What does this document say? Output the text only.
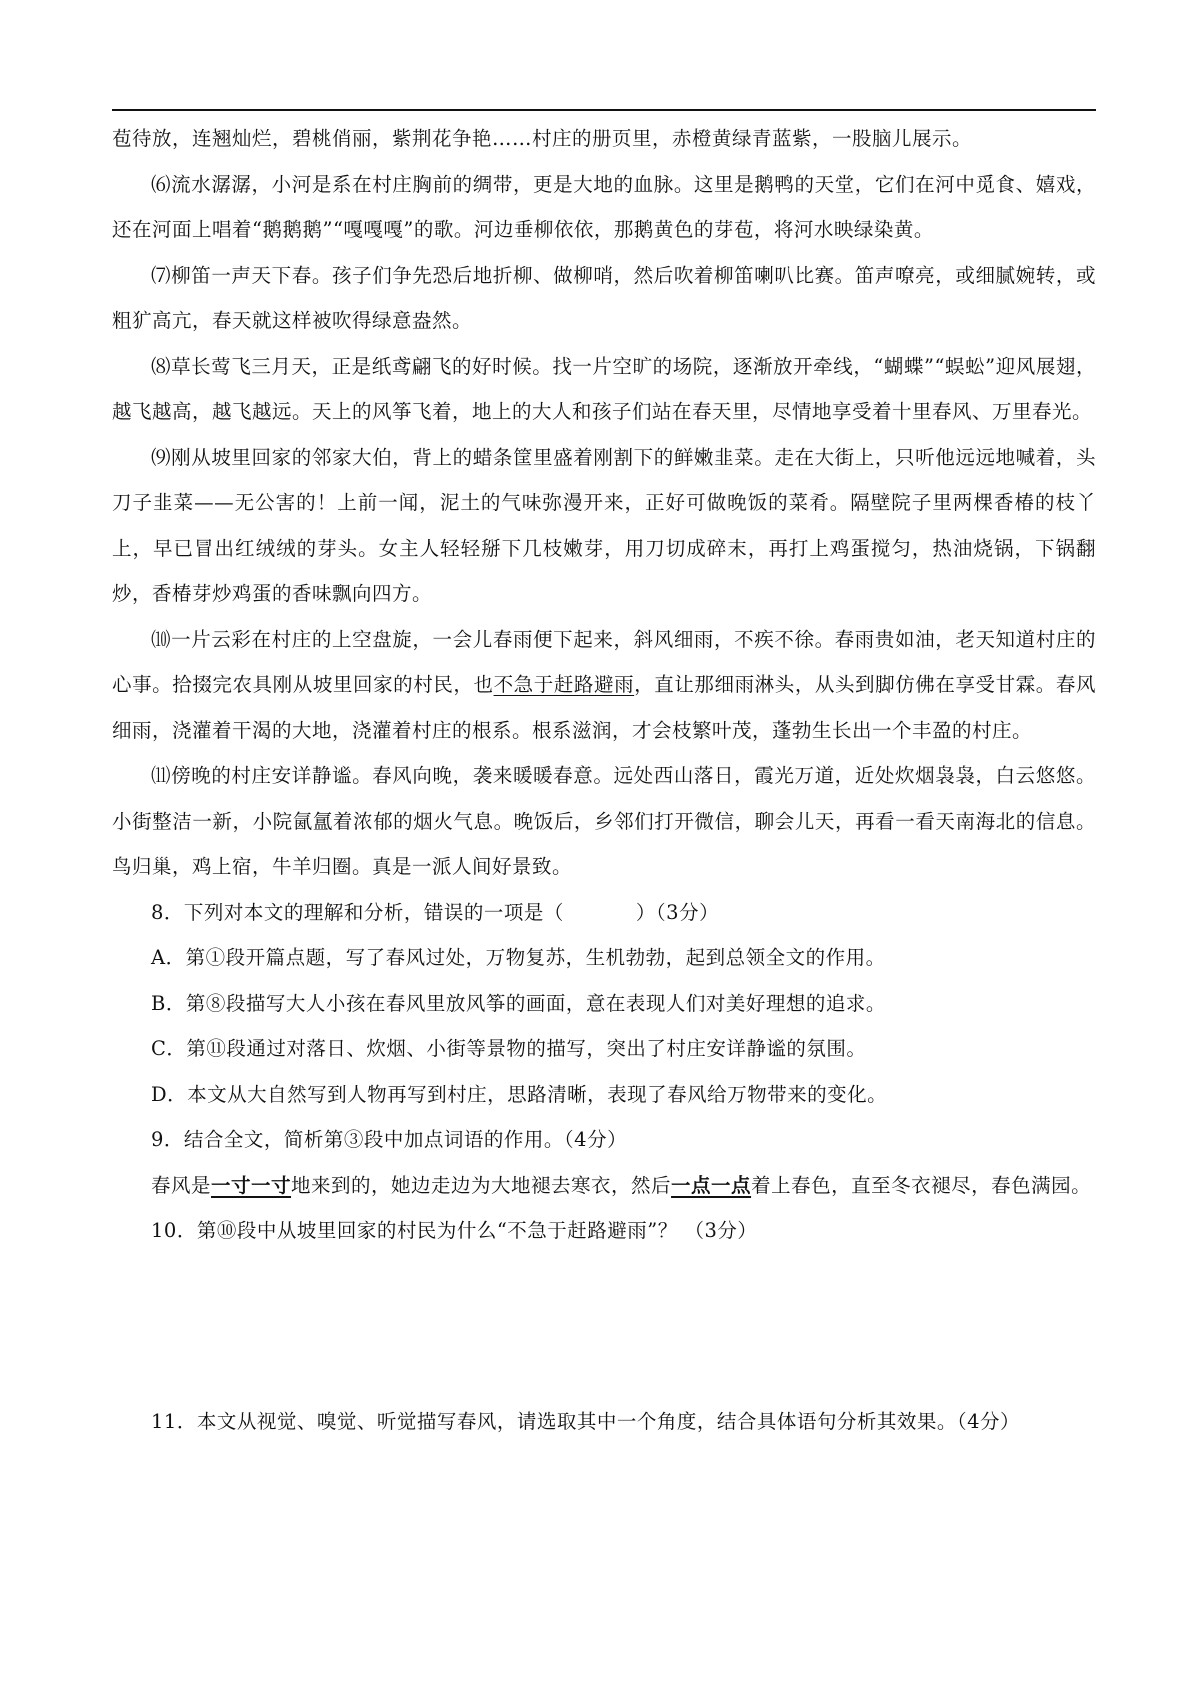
苞待放，连翘灿烂，碧桃俏丽，紫荆花争艳……村庄的册页里，赤橙黄绿青蓝紫，一股脑儿展示。

⑹流水潺潺，小河是系在村庄胸前的绸带，更是大地的血脉。这里是鹅鸭的天堂，它们在河中觅食、嬉戏，还在河面上唱着“鹅鹅鹅”“嘎嘎嘎”的歌。河边垂柳依依，那鹅黄色的芽苞，将河水映绿染黄。

⑺柳笛一声天下春。孩子们争先恐后地折柳、做柳哨，然后吹着柳笛喇叭比赛。笛声嘹亮，或细腻婉转，或粗犷高亢，春天就这样被吹得绿意盎然。

⑻草长莺飞三月天，正是纸鸢翩飞的好时候。找一片空旷的场院，逐渐放开牵线，“蝴蝶”“蜈蚣”迎风展翅，越飞越高，越飞越远。天上的风筝飞着，地上的大人和孩子们站在春天里，尽情地享受着十里春风、万里春光。

⑼刚从坡里回家的邻家大伯，背上的蜡条筐里盛着刚割下的鲜嫩韭菜。走在大街上，只听他远远地喊着，头刀子韭菜——无公害的！上前一闻，泥土的气味弥漫开来，正好可做晚饭的菜肴。隔壁院子里两棵香椿的枝丫上，早已冒出红绒绒的芽头。女主人轻轻掰下几枝嫩芽，用刀切成碎末，再打上鸡蛋搅匀，热油烧锅，下锅翻炒，香椿芽炒鸡蛋的香味飘向四方。

⑽一片云彩在村庄的上空盘旋，一会儿春雨便下起来，斜风细雨，不疾不徐。春雨贵如油，老天知道村庄的心事。拾掇完农具刚从坡里回家的村民，也不急于赶路避雨，直让那细雨淋头，从头到脚仿佛在享受甘霖。春风细雨，浇灌着干渴的大地，浇灌着村庄的根系。根系滋润，才会枝繁叶茂，蓬勃生长出一个丰盈的村庄。

⑾傍晚的村庄安详静谧。春风向晚，袭来暖暖春意。远处西山落日，霞光万道，近处炊烟袅袅，白云悠悠。小街整洁一新，小院氤氲着浓郁的烟火气息。晚饭后，乡邻们打开微信，聊会儿天，再看一看天南海北的信息。鸟归巢，鸡上宿，牛羊归圈。真是一派人间好景致。

8．下列对本文的理解和分析，错误的一项是（	）（3分）

A．第①段开篇点题，写了春风过处，万物复苏，生机勃勃，起到总领全文的作用。

B．第⑧段描写大人小孩在春风里放风筝的画面，意在表现人们对美好理想的追求。

C．第⑪段通过对落日、炊烟、小街等景物的描写，突出了村庄安详静谧的氛围。

D．本文从大自然写到人物再写到村庄，思路清晰，表现了春风给万物带来的变化。

9．结合全文，简析第③段中加点词语的作用。（4分）

春风是一寸一寸地来到的，她边走边为大地褪去寒衣，然后一点一点着上春色，直至冬衣褪尽，春色满园。

10．第⑩段中从坡里回家的村民为什么“不急于赶路避雨”？ （3分）

11．本文从视觉、嗅觉、听觉描写春风，请选取其中一个角度，结合具体语句分析其效果。（4分）
